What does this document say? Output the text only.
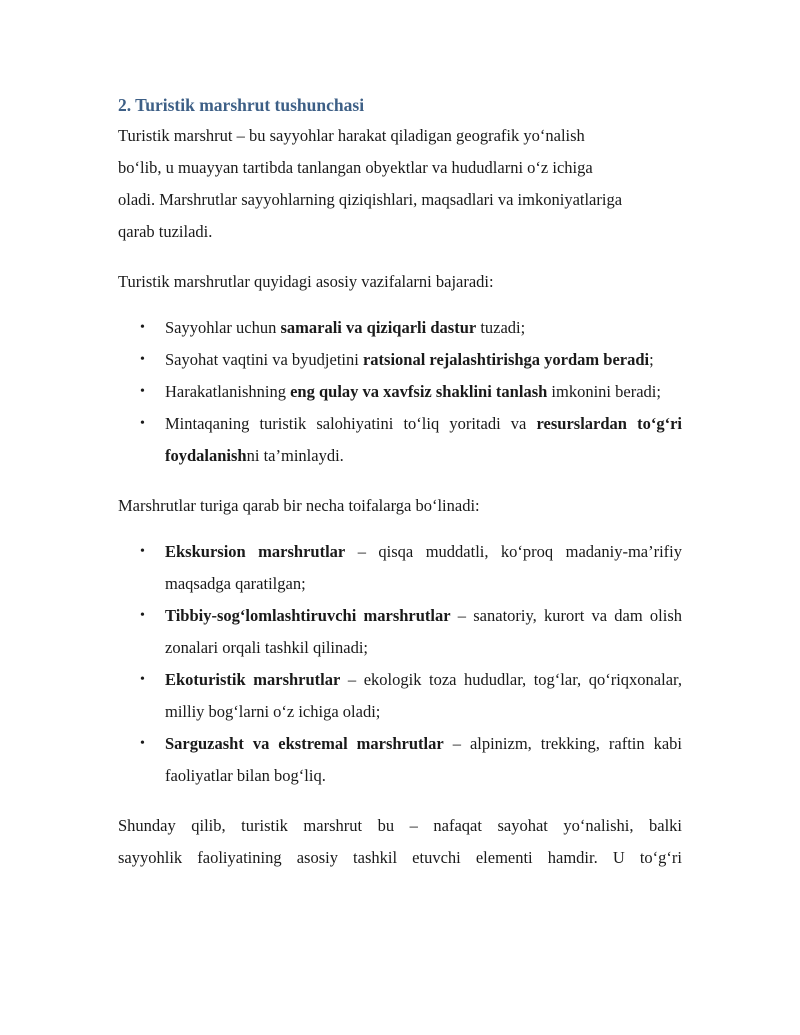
2. Turistik marshrut tushunchasi

Turistik marshrut – bu sayyohlar harakat qiladigan geografik yo‘nalish
bo‘lib, u muayyan tartibda tanlangan obyektlar va hududlarni o‘z ichiga
oladi. Marshrutlar sayyohlarning qiziqishlari, maqsadlari va imkoniyatlariga
qarab tuziladi.

Turistik marshrutlar quyidagi asosiy vazifalarni bajaradi:

• Sayyohlar uchun samarali va qiziqarli dastur tuzadi;
• Sayohat vaqtini va byudjetini ratsional rejalashtirishga yordam beradi;
• Harakatlanishning eng qulay va xavfsiz shaklini tanlash imkonini beradi;
• Mintaqaning turistik salohiyatini to‘liq yoritadi va resurslardan to‘g‘ri foydalanishni ta’minlaydi.

Marshrutlar turiga qarab bir necha toifalarga bo‘linadi:

• Ekskursion marshrutlar – qisqa muddatli, ko‘proq madaniy-ma’rifiy maqsadga qaratilgan;
• Tibbiy-sog‘lomlashtiruvchi marshrutlar – sanatoriy, kurort va dam olish zonalari orqali tashkil qilinadi;
• Ekoturistik marshrutlar – ekologik toza hududlar, tog‘lar, qo‘riqxonalar, milliy bog‘larni o‘z ichiga oladi;
• Sarguzasht va ekstremal marshrutlar – alpinizm, trekking, raftin kabi faoliyatlar bilan bog‘liq.

Shunday qilib, turistik marshrut bu – nafaqat sayohat yo‘nalishi, balki
sayyohlik faoliyatining asosiy tashkil etuvchi elementi hamdir. U to‘g‘ri
